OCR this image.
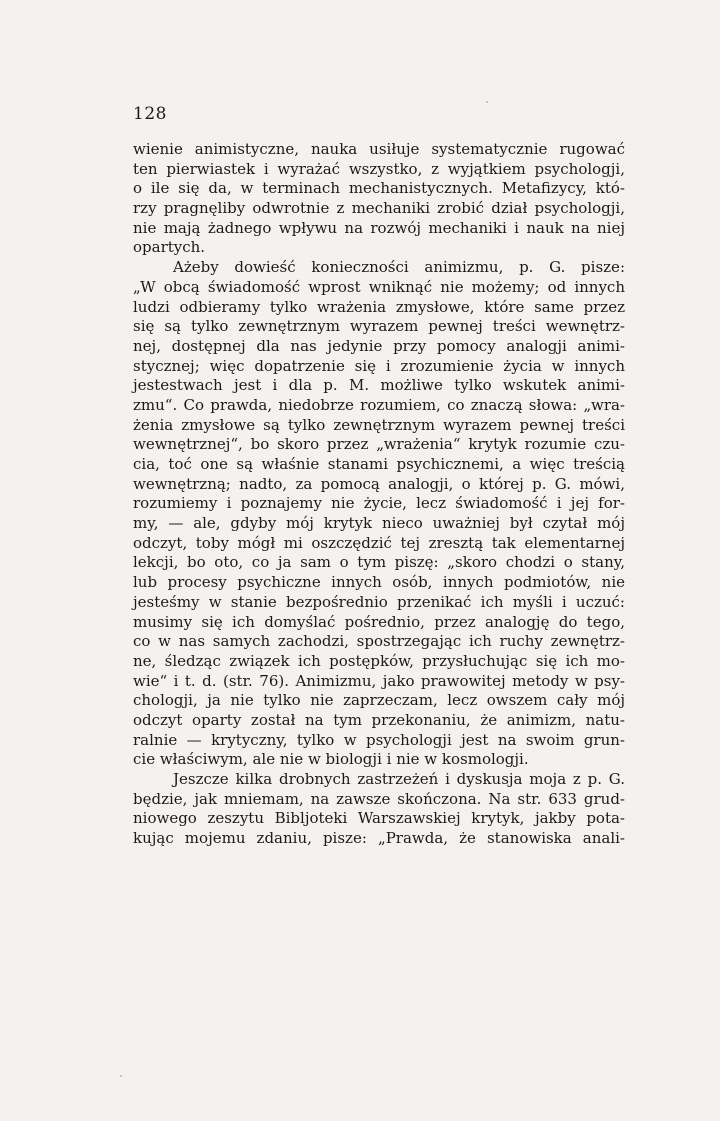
128
wienie animistyczne, nauka usiłuje systematycznie rugować
ten pierwiastek i wyrażać wszystko, z wyjątkiem psychologji,
o ile się da, w terminach mechanistycznych. Metafizycy, któ-
rzy pragnęliby odwrotnie z mechaniki zrobić dział psychologji,
nie mają żadnego wpływu na rozwój mechaniki i nauk na niej
opartych.
Ażeby dowieść konieczności animizmu, p. G. pisze:
„W obcą świadomość wprost wniknąć nie możemy; od innych
ludzi odbieramy tylko wrażenia zmysłowe, które same przez
się są tylko zewnętrznym wyrazem pewnej treści wewnętrz-
nej, dostępnej dla nas jedynie przy pomocy analogji animi-
stycznej; więc dopatrzenie się i zrozumienie życia w innych
jestestwach jest i dla p. M. możliwe tylko wskutek animi-
zmu“. Co prawda, niedobrze rozumiem, co znaczą słowa: „wra-
żenia zmysłowe są tylko zewnętrznym wyrazem pewnej treści
wewnętrznej“, bo skoro przez „wrażenia“ krytyk rozumie czu-
cia, toć one są właśnie stanami psychicznemi, a więc treścią
wewnętrzną; nadto, za pomocą analogji, o której p. G. mówi,
rozumiemy i poznajemy nie życie, lecz świadomość i jej for-
my, — ale, gdyby mój krytyk nieco uważniej był czytał mój
odczyt, toby mógł mi oszczędzić tej zresztą tak elementarnej
lekcji, bo oto, co ja sam o tym piszę: „skoro chodzi o stany,
lub procesy psychiczne innych osób, innych podmiotów, nie
jesteśmy w stanie bezpośrednio przenikać ich myśli i uczuć:
musimy się ich domyślać pośrednio, przez analogję do tego,
co w nas samych zachodzi, spostrzegając ich ruchy zewnętrz-
ne, śledząc związek ich postępków, przysłuchując się ich mo-
wie“ i t. d. (str. 76). Animizmu, jako prawowitej metody w psy-
chologji, ja nie tylko nie zaprzeczam, lecz owszem cały mój
odczyt oparty został na tym przekonaniu, że animizm, natu-
ralnie — krytyczny, tylko w psychologji jest na swoim grun-
cie właściwym, ale nie w biologji i nie w kosmologji.
Jeszcze kilka drobnych zastrzeżeń i dyskusja moja z p. G.
będzie, jak mniemam, na zawsze skończona. Na str. 633 grud-
niowego zeszytu Bibljoteki Warszawskiej krytyk, jakby pota-
kując mojemu zdaniu, pisze: „Prawda, że stanowiska anali-
